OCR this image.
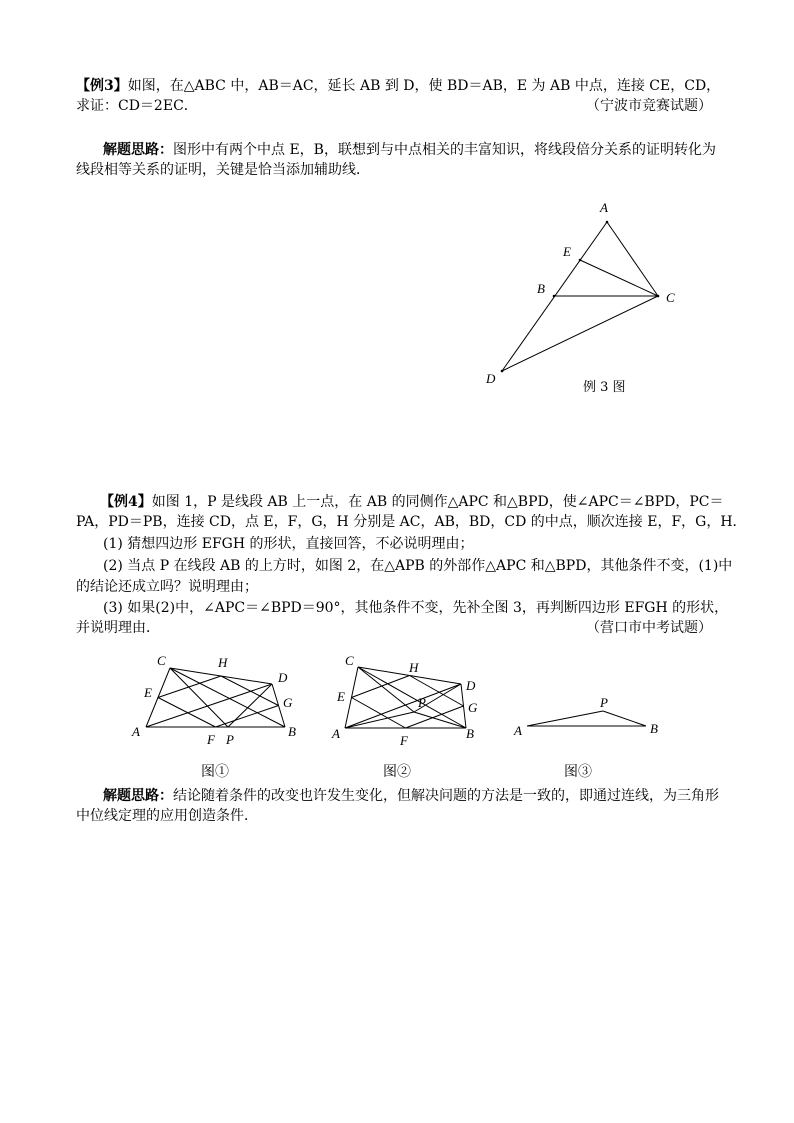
A
E
B
C
D
C	H
D
E
G
A
F P
B
C	H
D
E	P	G
A	F	B	A
P
B
【例3】如图，在△ABC 中，AB＝AC，延长 AB 到 D，使 BD＝AB，E 为 AB 中点，连接 CE，CD，
求证：CD＝2EC．	（宁波市竞赛试题）
解题思路：图形中有两个中点 E，B，联想到与中点相关的丰富知识，将线段倍分关系的证明转化为
线段相等关系的证明，关键是恰当添加辅助线．
例 3 图
【例4】如图 1，P 是线段 AB 上一点，在 AB 的同侧作△APC 和△BPD，使∠APC＝∠BPD，PC＝
PA，PD＝PB，连接 CD，点 E，F，G，H 分别是 AC，AB，BD，CD 的中点，顺次连接 E，F，G，H．
(1) 猜想四边形 EFGH 的形状，直接回答，不必说明理由；
(2) 当点 P 在线段 AB 的上方时，如图 2，在△APB 的外部作△APC 和△BPD，其他条件不变，(1)中
的结论还成立吗？说明理由；
(3) 如果(2)中，∠APC＝∠BPD＝90°，其他条件不变，先补全图 3，再判断四边形 EFGH 的形状，
并说明理由．	（营口市中考试题）
图①	图②	图③
解题思路：结论随着条件的改变也许发生变化，但解决问题的方法是一致的，即通过连线，为三角形
中位线定理的应用创造条件．
